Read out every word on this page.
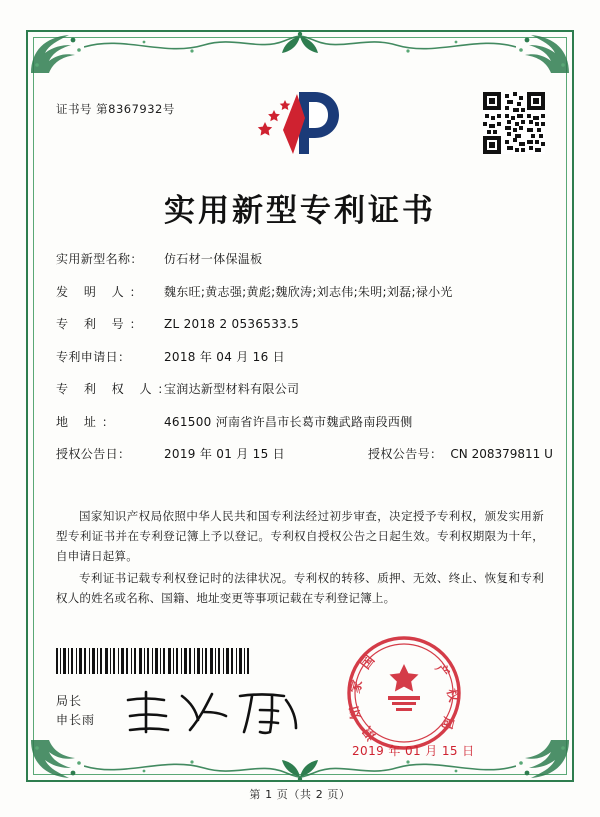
证书号 第8367932号
实用新型专利证书
实用新型名称：	仿石材一体保温板
发 明 人：	魏东旺;黄志强;黄彪;魏欣涛;刘志伟;朱明;刘磊;禄小光
专 利 号：	ZL 2018 2 0536533.5
专利申请日：	2018 年 04 月 16 日
专 利 权 人：
宝润达新型材料有限公司
地 址：	461500 河南省许昌市长葛市魏武路南段西侧
授权公告日：	2019 年 01 月 15 日	授权公告号： CN 208379811 U
国家知识产权局依照中华人民共和国专利法经过初步审查，决定授予专利权，颁发实用新型专利证书并在专利登记簿上予以登记。专利权自授权公告之日起生效。专利权期限为十年，自申请日起算。
专利证书记载专利权登记时的法律状况。专利权的转移、质押、无效、终止、恢复和专利权人的姓名或名称、国籍、地址变更等事项记载在专利登记簿上。
局长
申长雨
国
家
知
识
产
权
局
2019 年 01 月 15 日
第 1 页（共 2 页）
